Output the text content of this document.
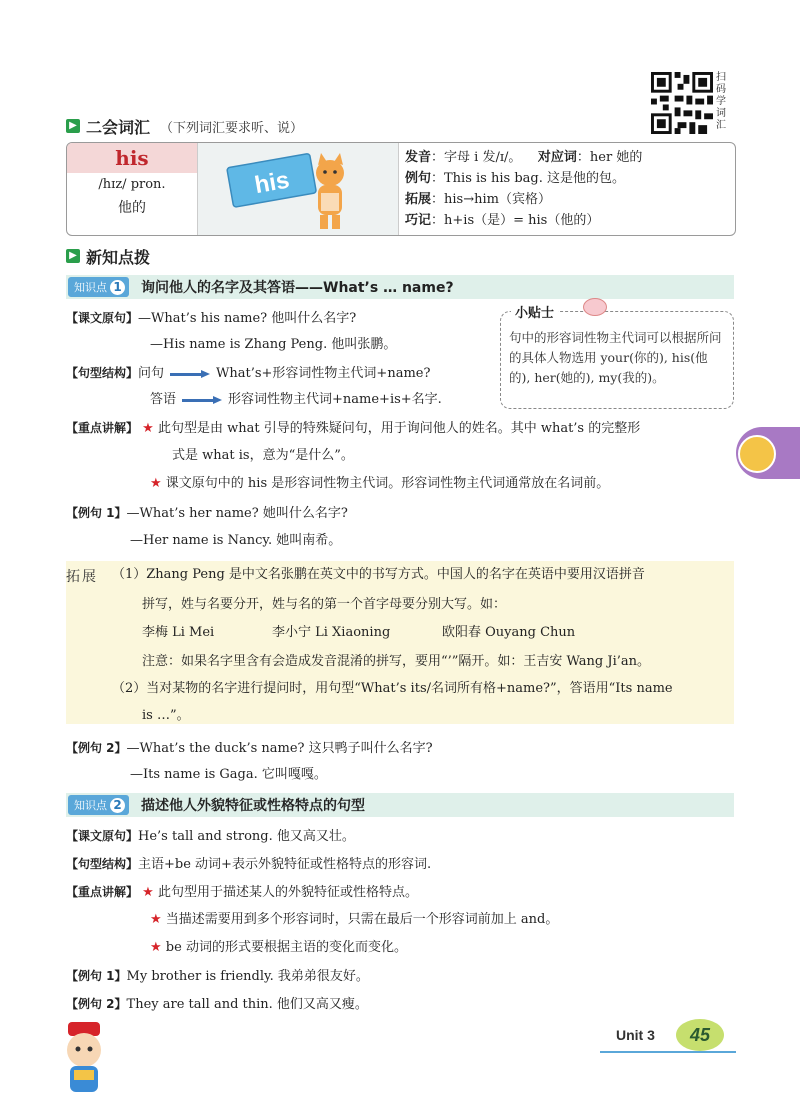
扫码学词汇
▶ 二会词汇 （下列词汇要求听、说）
his
/hɪz/ pron.
他的
his
发音：字母 i 发/ɪ/。 对应词：her 她的
例句：This is his bag. 这是他的包。
拓展：his→him（宾格）
巧记：h+is（是）= his（他的）
▶ 新知点拨
知识点 1 询问他人的名字及其答语——What’s … name?
【课文原句】—What’s his name? 他叫什么名字?
—His name is Zhang Peng. 他叫张鹏。
【句型结构】问句	What’s+形容词性物主代词+name?
答语	形容词性物主代词+name+is+名字.
小贴士
句中的形容词性物主代词可以根据所问的具体人物选用 your(你的), his(他的), her(她的), my(我的)。
【重点讲解】 ★ 此句型是由 what 引导的特殊疑问句，用于询问他人的姓名。其中 what’s 的完整形
式是 what is，意为“是什么”。
★ 课文原句中的 his 是形容词性物主代词。形容词性物主代词通常放在名词前。
【例句 1】—What’s her name? 她叫什么名字?
—Her name is Nancy. 她叫南希。
拓展 （1）Zhang Peng 是中文名张鹏在英文中的书写方式。中国人的名字在英语中要用汉语拼音
拼写，姓与名要分开，姓与名的第一个首字母要分别大写。如：
李梅 Li Mei	李小宁 Li Xiaoning	欧阳春 Ouyang Chun
注意：如果名字里含有会造成发音混淆的拼写，要用“’”隔开。如：王吉安 Wang Ji’an。
（2）当对某物的名字进行提问时，用句型“What’s its/名词所有格+name?”，答语用“Its name
is …”。
【例句 2】—What’s the duck’s name? 这只鸭子叫什么名字?
—Its name is Gaga. 它叫嘎嘎。
知识点 2 描述他人外貌特征或性格特点的句型
【课文原句】He’s tall and strong. 他又高又壮。
【句型结构】主语+be 动词+表示外貌特征或性格特点的形容词.
【重点讲解】 ★ 此句型用于描述某人的外貌特征或性格特点。
★ 当描述需要用到多个形容词时，只需在最后一个形容词前加上 and。
★ be 动词的形式要根据主语的变化而变化。
【例句 1】My brother is friendly. 我弟弟很友好。
【例句 2】They are tall and thin. 他们又高又瘦。
Unit 3	45
